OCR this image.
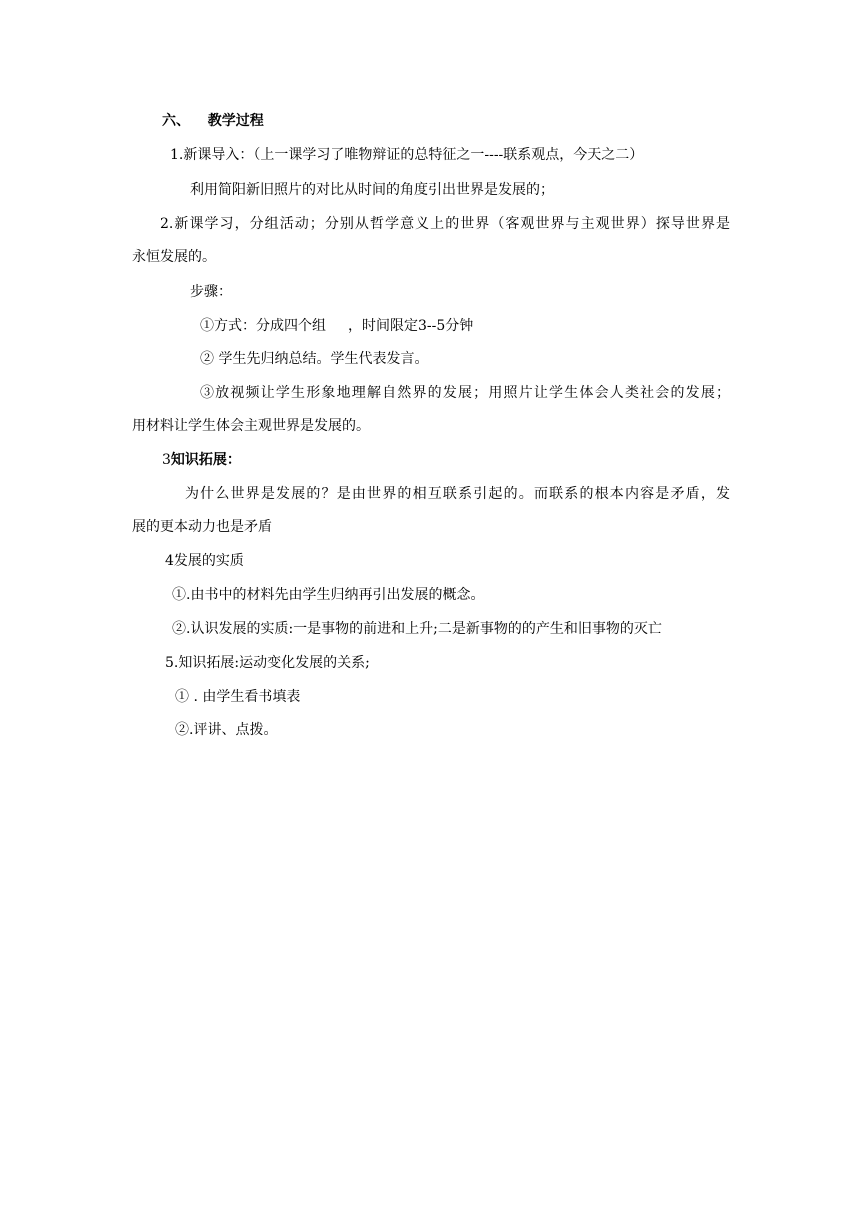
六、 教学过程
1.新课导入：（上一课学习了唯物辩证的总特征之一----联系观点，今天之二）
利用简阳新旧照片的对比从时间的角度引出世界是发展的；
2.新课学习，分组活动；分别从哲学意义上的世界（客观世界与主观世界）探导世界是
永恒发展的。
步骤：
①方式：分成四个组 ，时间限定3--5分钟
② 学生先归纳总结。学生代表发言。
③放视频让学生形象地理解自然界的发展；用照片让学生体会人类社会的发展；
用材料让学生体会主观世界是发展的。
3知识拓展：
为什么世界是发展的？是由世界的相互联系引起的。而联系的根本内容是矛盾，发
展的更本动力也是矛盾
4发展的实质
①.由书中的材料先由学生归纳再引出发展的概念。
②.认识发展的实质:一是事物的前进和上升;二是新事物的的产生和旧事物的灭亡
5.知识拓展:运动变化发展的关系;
① . 由学生看书填表
②.评讲、点拨。
